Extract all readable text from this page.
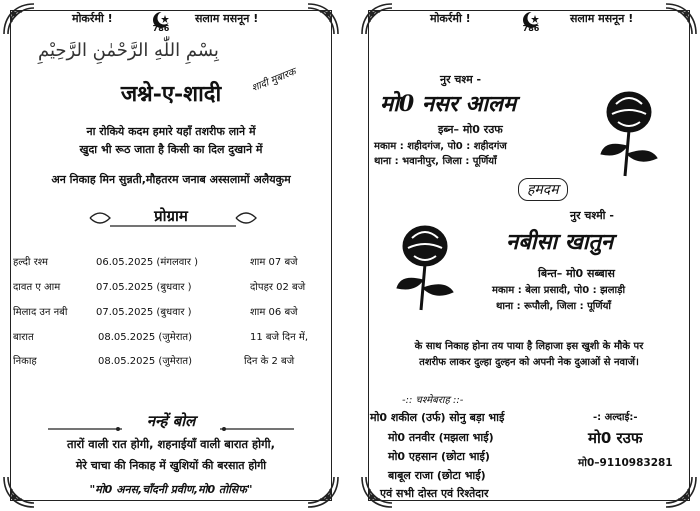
मोकर्रमी !
786
सलाम मसनून !
بِسْمِ اللّٰهِ الرَّحْمٰنِ الرَّحِيْمِ
शादी मुबारक
जश्ने-ए-शादी
ना रोकिये कदम हमारे यहाँ तशरीफ लाने में
खुदा भी रूठ जाता है किसी का दिल दुखाने में
अन निकाह मिन सुन्नती,मौहतरम जनाब अस्सलामों अलैयकुम
प्रोग्राम
हल्दी रश्म	06.05.2025 (मंगलवार )	शाम 07 बजे
दावत ए आम	07.05.2025 (बुधवार )	दोपहर 02 बजे
मिलाद उन नबी	07.05.2025 (बुधवार )	शाम 06 बजे
बारात	08.05.2025 (जुमेरात)	11 बजे दिन में,
निकाह	08.05.2025 (जुमेरात)	दिन के 2 बजे
नन्हें बोल
तारों वाली रात होगी, शहनाईयाँ वाली बारात होगी,
मेरे चाचा की निकाह में खुशियों की बरसात होगी
"मो0 अनस,चाँदनी प्रवीण,मो0 तोसिफ"
मोकर्रमी !
786
सलाम मसनून !
नुर चश्म -
मो0 नसर आलम
इब्न– मो0 रउफ
मकाम : शहीदगंज, पो0 : शहीदगंज
थाना : भवानीपुर, जिला : पूर्णियाँ
हमदम
नुर चश्मी -
नबीसा खातुन
बिन्त– मो0 सब्बास
मकाम : बेला प्रसादी, पो0 : झलाड़ी
थाना : रूपौली, जिला : पूर्णियाँ
के साथ निकाह होना तय पाया है लिहाजा इस खुशी के मौके पर
तशरीफ लाकर दुल्हा दुल्हन को अपनी नेक दुआओं से नवाजें।
-:: चश्मेबराह ::-
मो0 शकील (उर्फ) सोनु बड़ा भाई
मो0 तनवीर (मझला भाई)
मो0 एहसान (छोटा भाई)
बाबूल राजा (छोटा भाई)
एवं सभी दोस्त एवं रिश्तेदार
-: अल्दाई:-
मो0 रउफ
मो0–9110983281
